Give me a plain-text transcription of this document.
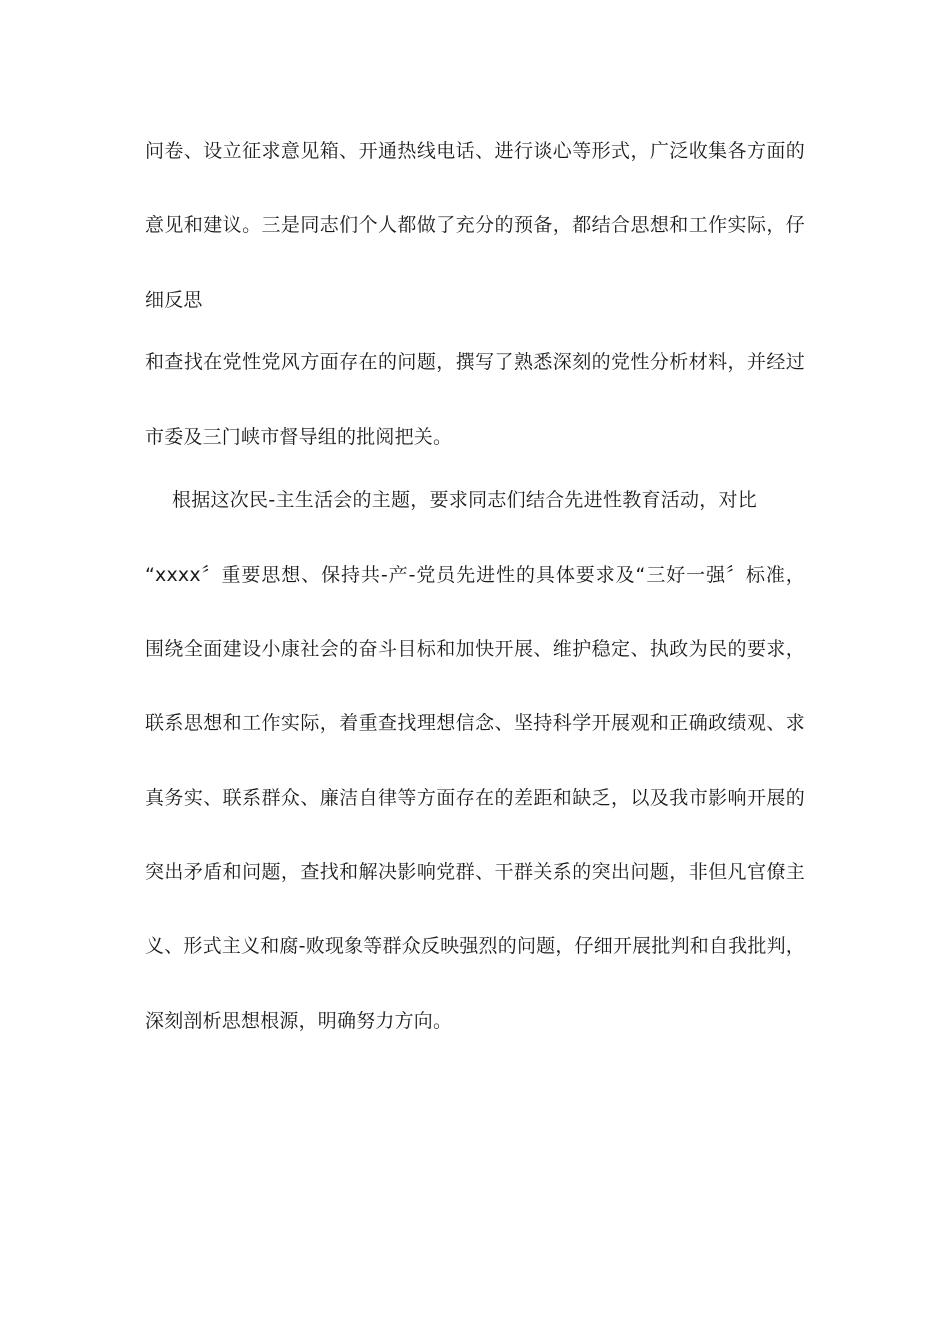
问卷、设立征求意见箱、开通热线电话、进行谈心等形式，广泛收集各方面的
意见和建议。三是同志们个人都做了充分的预备，都结合思想和工作实际，仔
细反思
和查找在党性党风方面存在的问题，撰写了熟悉深刻的党性分析材料，并经过
市委及三门峡市督导组的批阅把关。
根据这次民-主生活会的主题，要求同志们结合先进性教育活动，对比
“xxxx〞重要思想、保持共-产-党员先进性的具体要求及“三好一强〞标准，
围绕全面建设小康社会的奋斗目标和加快开展、维护稳定、执政为民的要求，
联系思想和工作实际，着重查找理想信念、坚持科学开展观和正确政绩观、求
真务实、联系群众、廉洁自律等方面存在的差距和缺乏，以及我市影响开展的
突出矛盾和问题，查找和解决影响党群、干群关系的突出问题，非但凡官僚主
义、形式主义和腐-败现象等群众反映强烈的问题，仔细开展批判和自我批判，
深刻剖析思想根源，明确努力方向。
